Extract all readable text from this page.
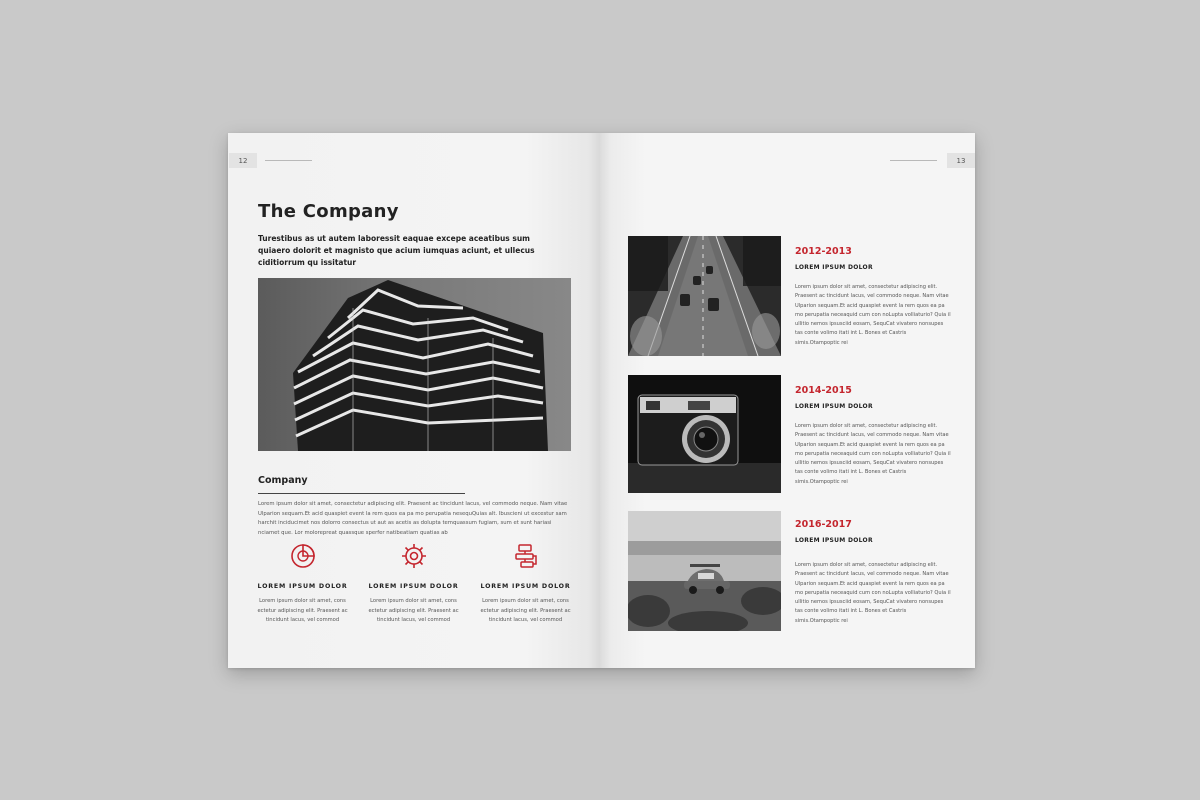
12
The Company
Turestibus as ut autem laboressit eaquae excepe aceatibus sum quiaero dolorit et magnisto que acium iumquas aciunt, et ullecus ciditiorrum qu issitatur
Company
Lorem ipsum dolor sit amet, consectetur adipiscing elit. Praesent ac tincidunt lacus, vel commodo neque. Nam vitae Ulparion sequam.Et acid quaspiet event la rem quos ea pa mo perupatia nesequQuias alt. Ibuscieni ut excestur sam harchit inciducimet nos dolorro consectus ut aut as acetis as dolupta temquassum fugiam, sum et sunt hariasi nciamet que. Lor molorepreat quassque sperfer natibeatiam quatias ab
LOREM IPSUM DOLOR
Lorem ipsum dolor sit amet, cons ectetur adipiscing elit. Praesent ac tincidunt lacus, vel commod
LOREM IPSUM DOLOR
Lorem ipsum dolor sit amet, cons ectetur adipiscing elit. Praesent ac tincidunt lacus, vel commod
LOREM IPSUM DOLOR
Lorem ipsum dolor sit amet, cons ectetur adipiscing elit. Praesent ac tincidunt lacus, vel commod
13
2012-2013
LOREM IPSUM DOLOR
Lorem ipsum dolor sit amet, consectetur adipiscing elit. Praesent ac tincidunt lacus, vel commodo neque. Nam vitae Ulparion sequam.Et acid quaspiet event la rem quos ea pa mo perupatia neceaquid cum con noLupta volliaturio? Quia il ullitio nemos ipsusciid eosam, SequCat vivatero nonsupes tas conte volimo itati int L. Bones et Castris simis.Otampoptic rei
2014-2015
LOREM IPSUM DOLOR
Lorem ipsum dolor sit amet, consectetur adipiscing elit. Praesent ac tincidunt lacus, vel commodo neque. Nam vitae Ulparion sequam.Et acid quaspiet event la rem quos ea pa mo perupatia neceaquid cum con noLupta volliaturio? Quia il ullitio nemos ipsusciid eosam, SequCat vivatero nonsupes tas conte volimo itati int L. Bones et Castris simis.Otampoptic rei
2016-2017
LOREM IPSUM DOLOR
Lorem ipsum dolor sit amet, consectetur adipiscing elit. Praesent ac tincidunt lacus, vel commodo neque. Nam vitae Ulparion sequam.Et acid quaspiet event la rem quos ea pa mo perupatia neceaquid cum con noLupta volliaturio? Quia il ullitio nemos ipsusciid eosam, SequCat vivatero nonsupes tas conte volimo itati int L. Bones et Castris simis.Otampoptic rei
